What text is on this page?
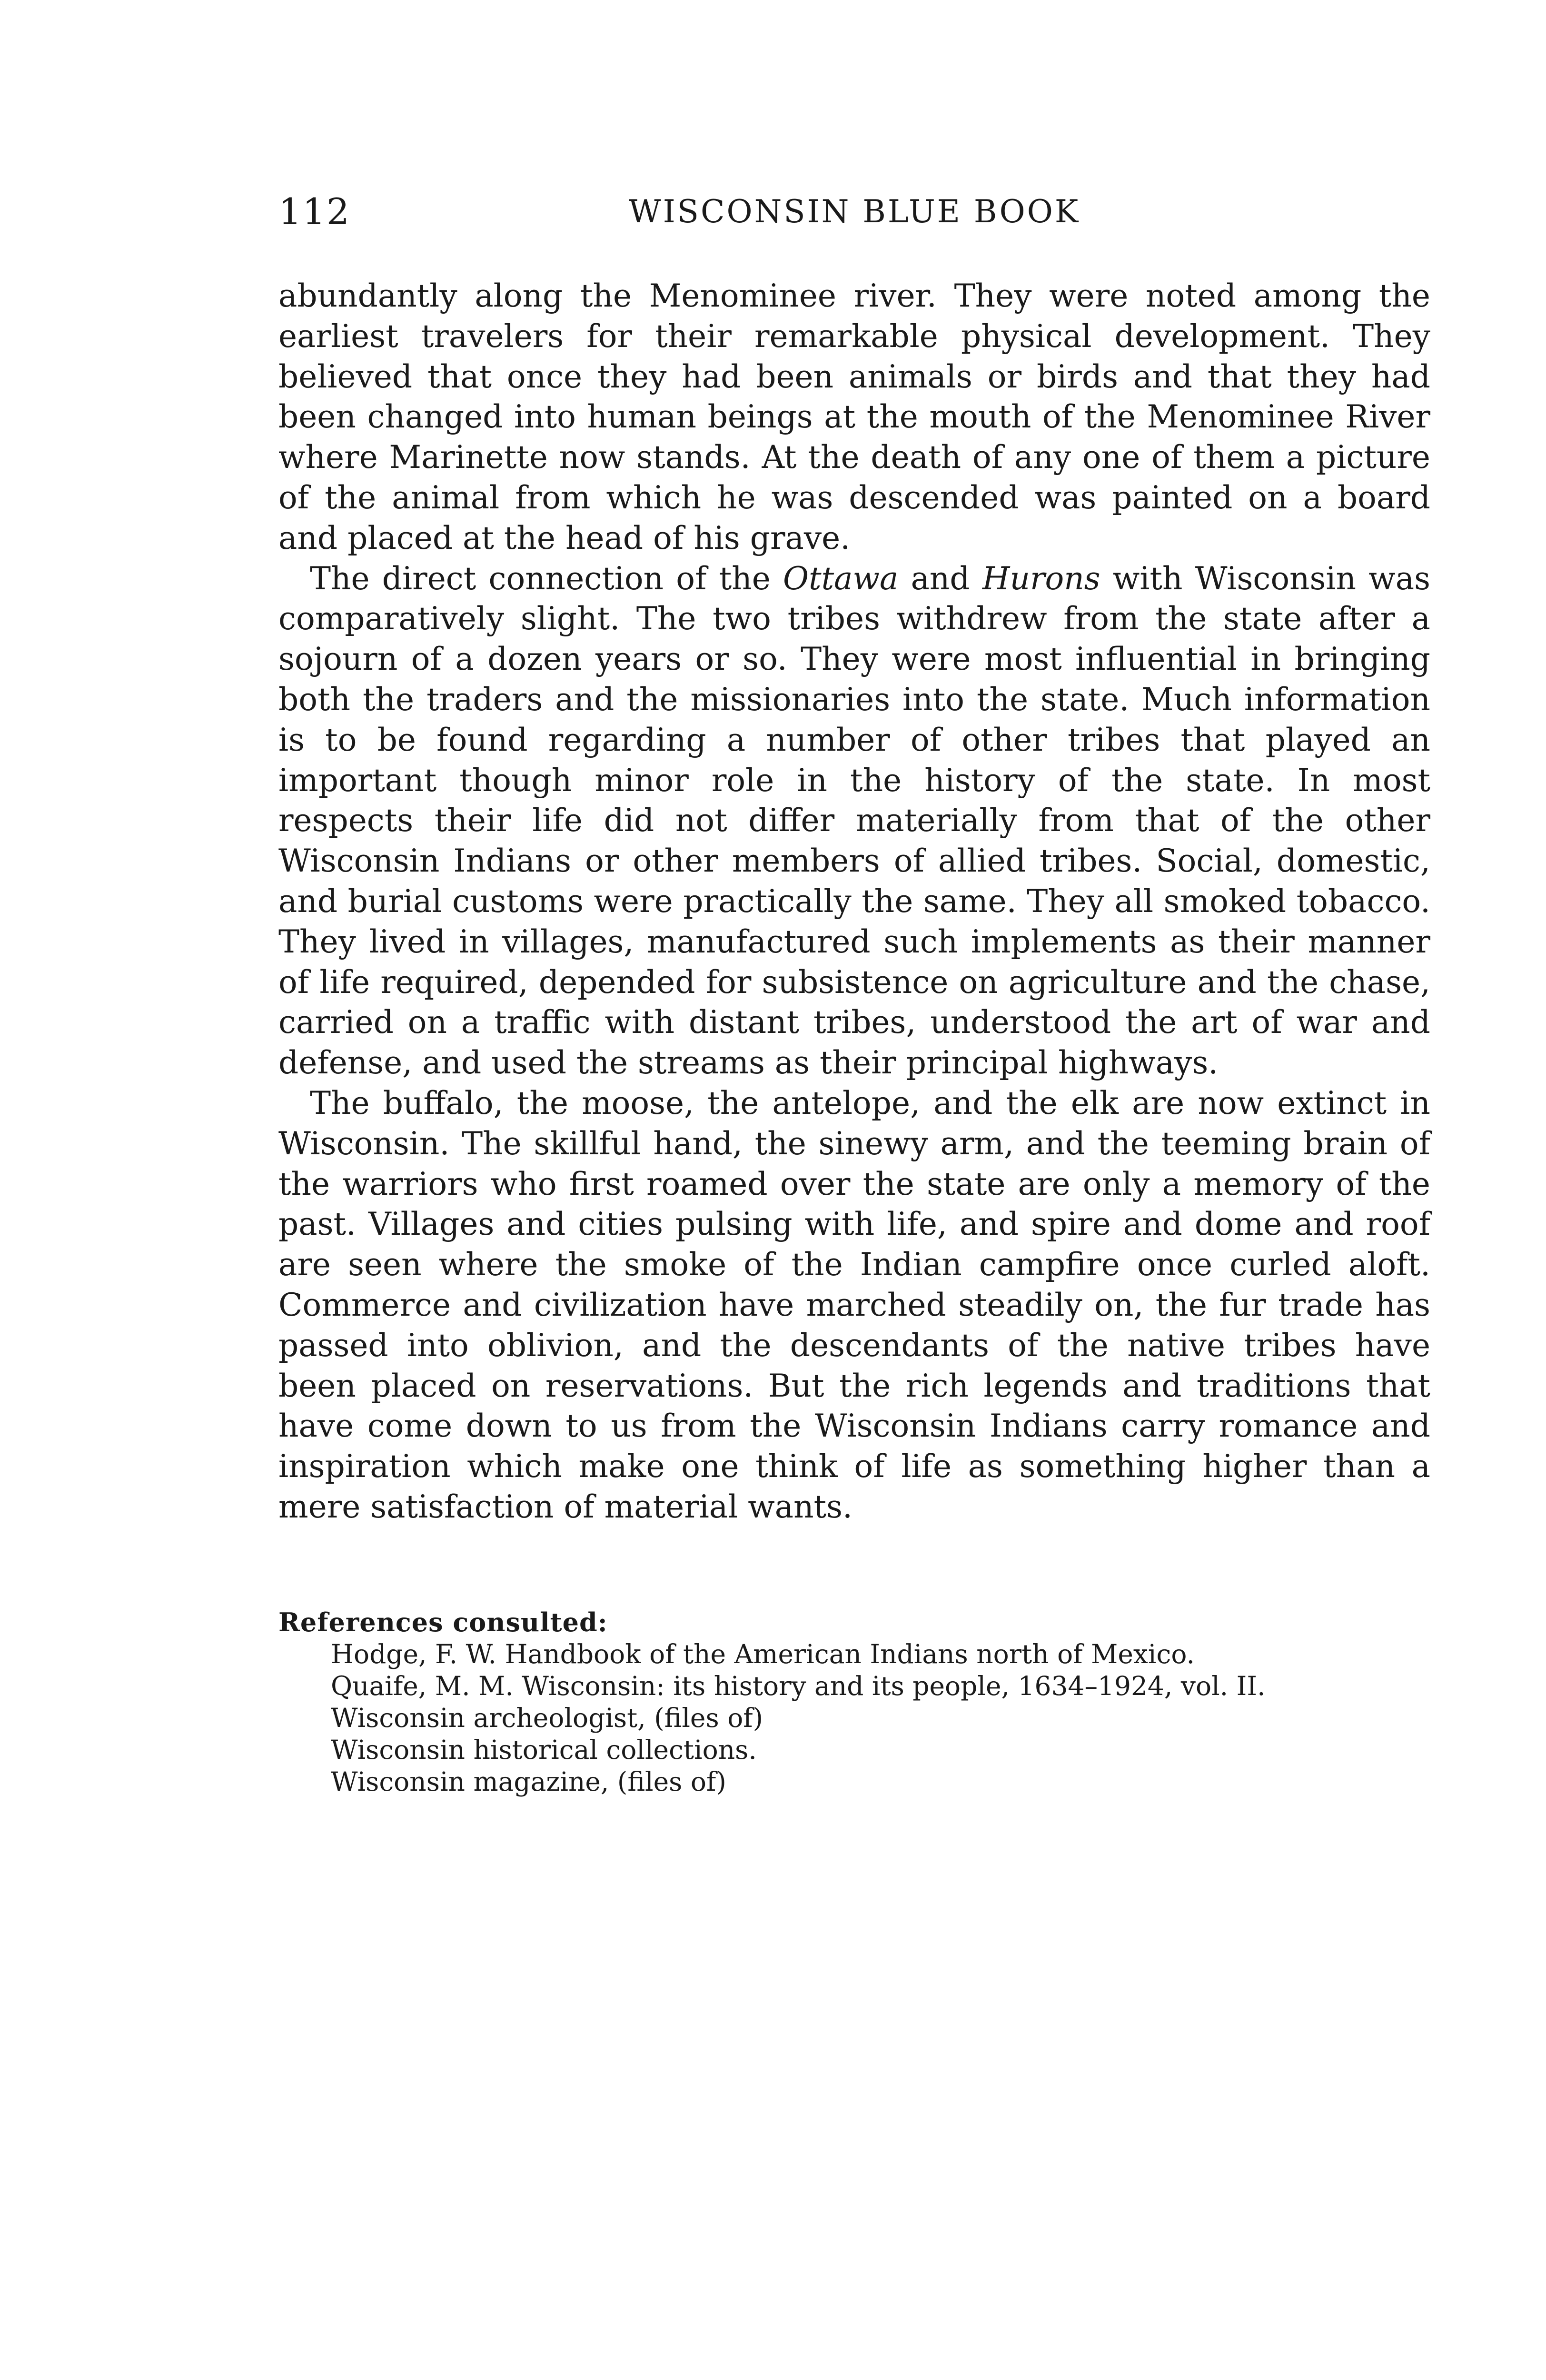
112	WISCONSIN BLUE BOOK

abundantly along the Menominee river. They were noted among the earliest travelers for their remarkable physical development. They believed that once they had been animals or birds and that they had been changed into human beings at the mouth of the Menominee River where Marinette now stands. At the death of any one of them a picture of the animal from which he was descended was painted on a board and placed at the head of his grave.

The direct connection of the Ottawa and Hurons with Wisconsin was comparatively slight. The two tribes withdrew from the state after a sojourn of a dozen years or so. They were most influential in bringing both the traders and the missionaries into the state. Much information is to be found regarding a number of other tribes that played an important though minor role in the history of the state. In most respects their life did not differ materially from that of the other Wisconsin Indians or other members of allied tribes. Social, domestic, and burial customs were practically the same. They all smoked tobacco. They lived in villages, manufactured such implements as their manner of life required, depended for subsistence on agriculture and the chase, carried on a traffic with distant tribes, understood the art of war and defense, and used the streams as their principal highways.

The buffalo, the moose, the antelope, and the elk are now extinct in Wisconsin. The skillful hand, the sinewy arm, and the teeming brain of the warriors who first roamed over the state are only a memory of the past. Villages and cities pulsing with life, and spire and dome and roof are seen where the smoke of the Indian campfire once curled aloft. Commerce and civilization have marched steadily on, the fur trade has passed into oblivion, and the descendants of the native tribes have been placed on reservations. But the rich legends and traditions that have come down to us from the Wisconsin Indians carry romance and inspiration which make one think of life as something higher than a mere satisfaction of material wants.

References consulted:

Hodge, F. W. Handbook of the American Indians north of Mexico.
Quaife, M. M. Wisconsin: its history and its people, 1634–1924, vol. II.
Wisconsin archeologist, (files of)
Wisconsin historical collections.
Wisconsin magazine, (files of)
